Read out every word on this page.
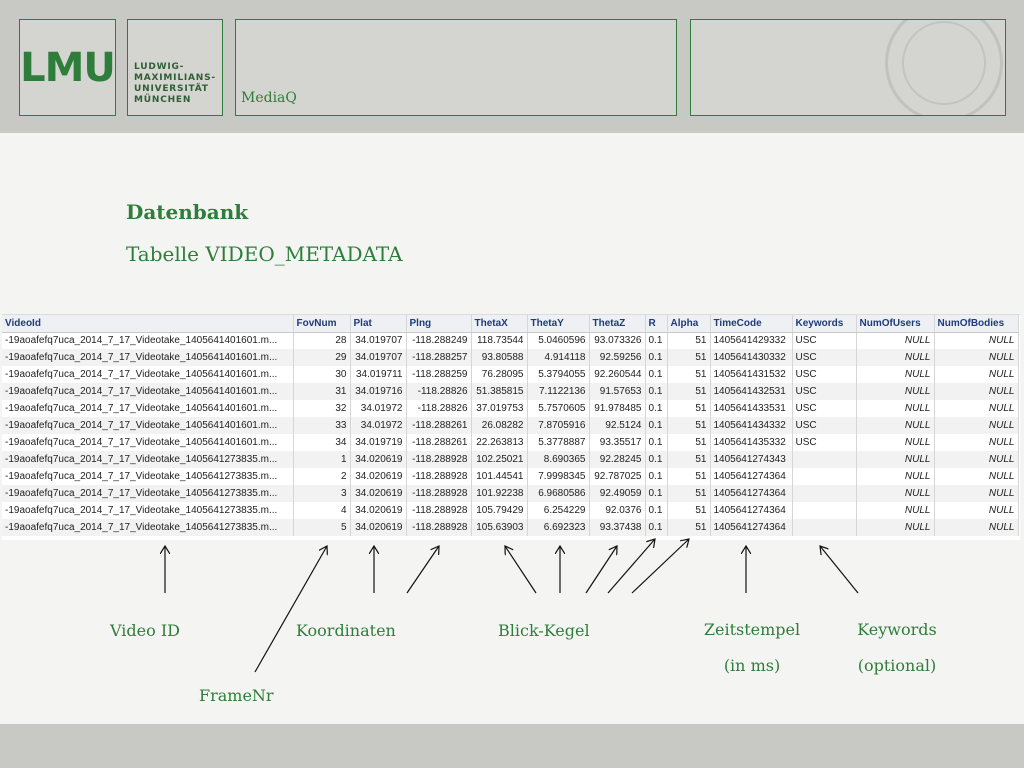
LMU LUDWIG-
MAXIMILIANS-
UNIVERSITÄT
MÜNCHEN	MediaQ
Datenbank
Tabelle VIDEO_METADATA
VideoId	FovNum	Plat	Plng	ThetaX	ThetaY	ThetaZ	R	Alpha	TimeCode	Keywords	NumOfUsers	NumOfBodies
-19aoafefq7uca_2014_7_17_Videotake_1405641401601.m...	28	34.019707	-118.288249	118.73544	5.0460596	93.073326	0.1	51	1405641429332	USC	NULL	NULL
-19aoafefq7uca_2014_7_17_Videotake_1405641401601.m...	29	34.019707	-118.288257	93.80588	4.914118	92.59256	0.1	51	1405641430332	USC	NULL	NULL
-19aoafefq7uca_2014_7_17_Videotake_1405641401601.m...	30	34.019711	-118.288259	76.28095	5.3794055	92.260544	0.1	51	1405641431532	USC	NULL	NULL
-19aoafefq7uca_2014_7_17_Videotake_1405641401601.m...	31	34.019716	-118.28826	51.385815	7.1122136	91.57653	0.1	51	1405641432531	USC	NULL	NULL
-19aoafefq7uca_2014_7_17_Videotake_1405641401601.m...	32	34.01972	-118.28826	37.019753	5.7570605	91.978485	0.1	51	1405641433531	USC	NULL	NULL
-19aoafefq7uca_2014_7_17_Videotake_1405641401601.m...	33	34.01972	-118.288261	26.08282	7.8705916	92.5124	0.1	51	1405641434332	USC	NULL	NULL
-19aoafefq7uca_2014_7_17_Videotake_1405641401601.m...	34	34.019719	-118.288261	22.263813	5.3778887	93.35517	0.1	51	1405641435332	USC	NULL	NULL
-19aoafefq7uca_2014_7_17_Videotake_1405641273835.m...	1	34.020619	-118.288928	102.25021	8.690365	92.28245	0.1	51	1405641274343		NULL	NULL
-19aoafefq7uca_2014_7_17_Videotake_1405641273835.m...	2	34.020619	-118.288928	101.44541	7.9998345	92.787025	0.1	51	1405641274364		NULL	NULL
-19aoafefq7uca_2014_7_17_Videotake_1405641273835.m...	3	34.020619	-118.288928	101.92238	6.9680586	92.49059	0.1	51	1405641274364		NULL	NULL
-19aoafefq7uca_2014_7_17_Videotake_1405641273835.m...	4	34.020619	-118.288928	105.79429	6.254229	92.0376	0.1	51	1405641274364		NULL	NULL
-19aoafefq7uca_2014_7_17_Videotake_1405641273835.m...	5	34.020619	-118.288928	105.63903	6.692323	93.37438	0.1	51	1405641274364		NULL	NULL
Video ID	Koordinaten	Blick-Kegel
FrameNr
Zeitstempel
(in ms)
Keywords
(optional)
